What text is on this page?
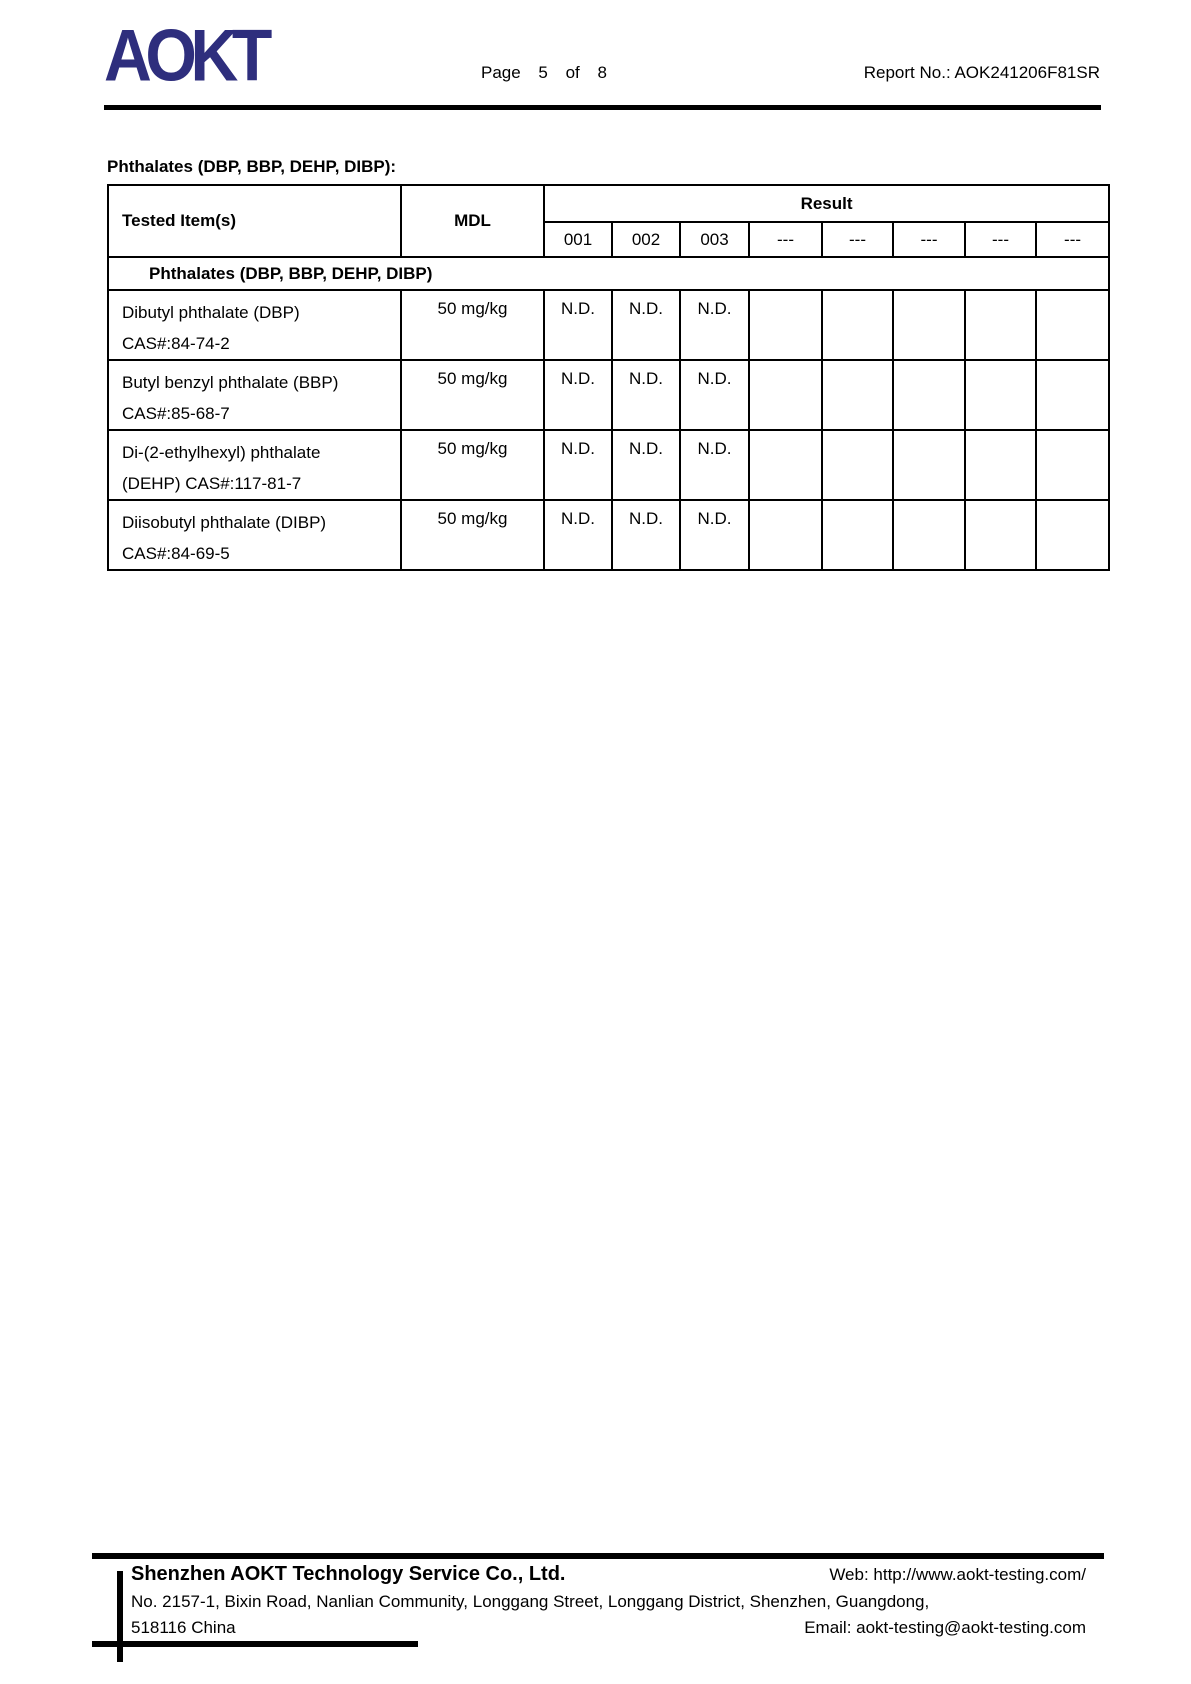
AOKT	Page 5 of 8	Report No.: AOK241206F81SR
Phthalates (DBP, BBP, DEHP, DIBP):
Tested Item(s)	MDL	Result							
		001	002	003	---	---	---	---	---
Phthalates (DBP, BBP, DEHP, DIBP)									

Dibutyl phthalate (DBP)
CAS#:84-74-2	50 mg/kg	N.D.	N.D.	N.D.					

Butyl benzyl phthalate (BBP)
CAS#:85-68-7	50 mg/kg	N.D.	N.D.	N.D.					

Di-(2-ethylhexyl) phthalate
(DEHP) CAS#:117-81-7	50 mg/kg	N.D.	N.D.	N.D.					

Diisobutyl phthalate (DIBP)
CAS#:84-69-5	50 mg/kg	N.D.	N.D.	N.D.					
Shenzhen AOKT Technology Service Co., Ltd.	Web: http://www.aokt-testing.com/
No. 2157-1, Bixin Road, Nanlian Community, Longgang Street, Longgang District, Shenzhen, Guangdong,
518116 China	Email: aokt-testing@aokt-testing.com
